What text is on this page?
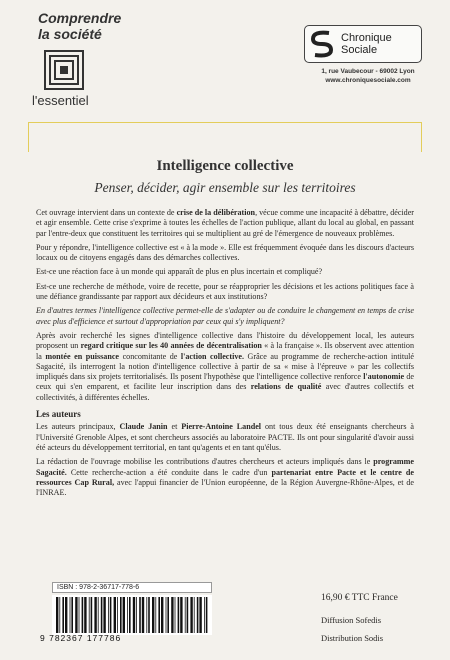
Comprendre
la société
l'essentiel
Chronique
Sociale
1, rue Vaubecour - 69002 Lyon
www.chroniquesociale.com
Intelligence collective
Penser, décider, agir ensemble sur les territoires

Cet ouvrage intervient dans un contexte de crise de la délibération, vécue comme une incapacité à débattre, décider et agir ensemble. Cette crise s'exprime à toutes les échelles de l'action publique, allant du local au global, en passant par l'entre-deux que constituent les territoires qui se multiplient au gré de l'émergence de nouveaux problèmes.

Pour y répondre, l'intelligence collective est « à la mode ». Elle est fréquemment évoquée dans les discours d'acteurs locaux ou de citoyens engagés dans des démarches collectives.

Est-ce une réaction face à un monde qui apparaît de plus en plus incertain et compliqué?

Est-ce une recherche de méthode, voire de recette, pour se réapproprier les décisions et les actions politiques face à une défiance grandissante par rapport aux décideurs et aux institutions?

En d'autres termes l'intelligence collective permet-elle de s'adapter ou de conduire le changement en temps de crise avec plus d'efficience et surtout d'appropriation par ceux qui s'y impliquent?

Après avoir recherché les signes d'intelligence collective dans l'histoire du développement local, les auteurs proposent un regard critique sur les 40 années de décentralisation « à la française ». Ils observent avec attention la montée en puissance concomitante de l'action collective. Grâce au programme de recherche-action intitulé Sagacité, ils interrogent la notion d'intelligence collective à partir de sa « mise à l'épreuve » par les collectifs impliqués dans six projets territorialisés. Ils posent l'hypothèse que l'intelligence collective renforce l'autonomie de ceux qui s'en emparent, et facilite leur inscription dans des relations de qualité avec d'autres collectifs et collectivités, à différentes échelles.

Les auteurs

Les auteurs principaux, Claude Janin et Pierre-Antoine Landel ont tous deux été enseignants chercheurs à l'Université Grenoble Alpes, et sont chercheurs associés au laboratoire PACTE. Ils ont pour singularité d'avoir aussi été acteurs du développement territorial, en tant qu'agents et en tant qu'élus.

La rédaction de l'ouvrage mobilise les contributions d'autres chercheurs et acteurs impliqués dans le programme Sagacité. Cette recherche-action a été conduite dans le cadre d'un partenariat entre Pacte et le centre de ressources Cap Rural, avec l'appui financier de l'Union européenne, de la Région Auvergne-Rhône-Alpes, et de l'INRAE.

ISBN : 978-2-36717-778-6
9 782367 177786
16,90 € TTC France
Diffusion Sofedis
Distribution Sodis
